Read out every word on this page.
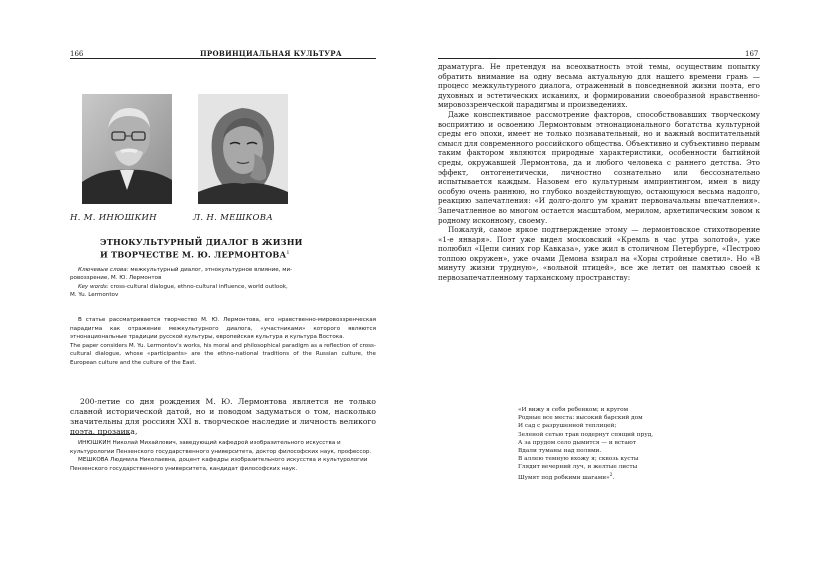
166	ПРОВИНЦИАЛЬНАЯ КУЛЬТУРА
Н. М. ИНЮШКИН	Л. Н. МЕШКОВА
ЭТНОКУЛЬТУРНЫЙ ДИАЛОГ В ЖИЗНИ
И ТВОРЧЕСТВЕ М. Ю. ЛЕРМОНТОВА$^1$
Ключевые слова: межкультурный диалог, этнокультурное влияние, ми-
ровоззрение, М. Ю. Лермонтов
Key words: cross-cultural dialogue, ethno-cultural influence, world outlook,
M. Yu. Lermontov

В статье рассматривается творчество М. Ю. Лермонтова, его нравственно-мировоззренческая парадигма как отражение межкультурного диалога, «участниками» которого являются этнонациональные традиции русской культуры, европейская культура и культура Востока.

The paper considers M. Yu. Lermontov's works, his moral and philosophical paradigm as a reflection of cross-cultural dialogue, whose «participants» are the ethno-national traditions of the Russian culture, the European culture and the culture of the East.

200-летие со дня рождения М. Ю. Лермонтова является не только славной исторической датой, но и поводом задуматься о том, насколько значительны для россиян XXI в. творческое наследие и личность великого поэта, прозаика,

ИНЮШКИН Николай Михайлович, заведующий кафедрой изобразительного искусства и культурологии Пензенского государственного университета, доктор философских наук, профессор.

МЕШКОВА Людмила Николаевна, доцент кафедры изобразительного искусства и культурологии Пензенского государственного университета, кандидат философских наук.

167

драматурга. Не претендуя на всеохватность этой темы, осуществим попытку обратить внимание на одну весьма актуальную для нашего времени грань — процесс межкультурного диалога, отраженный в повседневной жизни поэта, его духовных и эстетических исканиях, и формировании своеобразной нравственно-мировоззренческой парадигмы и произведениях.

Даже конспективное рассмотрение факторов, способствовавших творческому восприятию и освоению Лермонтовым этнонационального богатства культурной среды его эпохи, имеет не только познавательный, но и важный воспитательный смысл для современного российского общества. Объективно и субъективно первым таким фактором являются природные характеристики, особенности бытийной среды, окружавшей Лермонтова, да и любого человека с раннего детства. Это эффект, онтогенетически, личностно сознательно или бессознательно испытывается каждым. Назовем его культурным импринтингом, имея в виду особую очень раннюю, но глубоко воздействующую, остающуюся весьма надолго, реакцию запечатления: «И долго-долго ум хранит первоначальны впечатления». Запечатленное во многом остается масштабом, мерилом, архетипическим зовом к родному исконному, своему.

Пожалуй, самое яркое подтверждение этому — лермонтовское стихотворение «1-е января». Поэт уже видел московский «Кремль в час утра золотой», уже полюбил «Цепи синих гор Кавказа», уже жил в столичном Петербурге, «Пестрою толпою окружен», уже очами Демона взирал на «Хоры стройные светил». Но «В минуту жизни трудную», «вольной птицей», все же летит он памятью своей к первозапечатленному тарханскому пространству:

«И вижу я себя ребенком; и кругом
Родные все места: высокий барский дом
И сад с разрушенной теплицей;
Зеленой сетью трав подернут спящий пруд,
А за прудом село дымится — и встают
Вдали туманы над полями.
В аллею темную вхожу я; сквозь кусты
Глядит вечерний луч, и желтые листы
Шумят под робкими шагами»$^2$.
